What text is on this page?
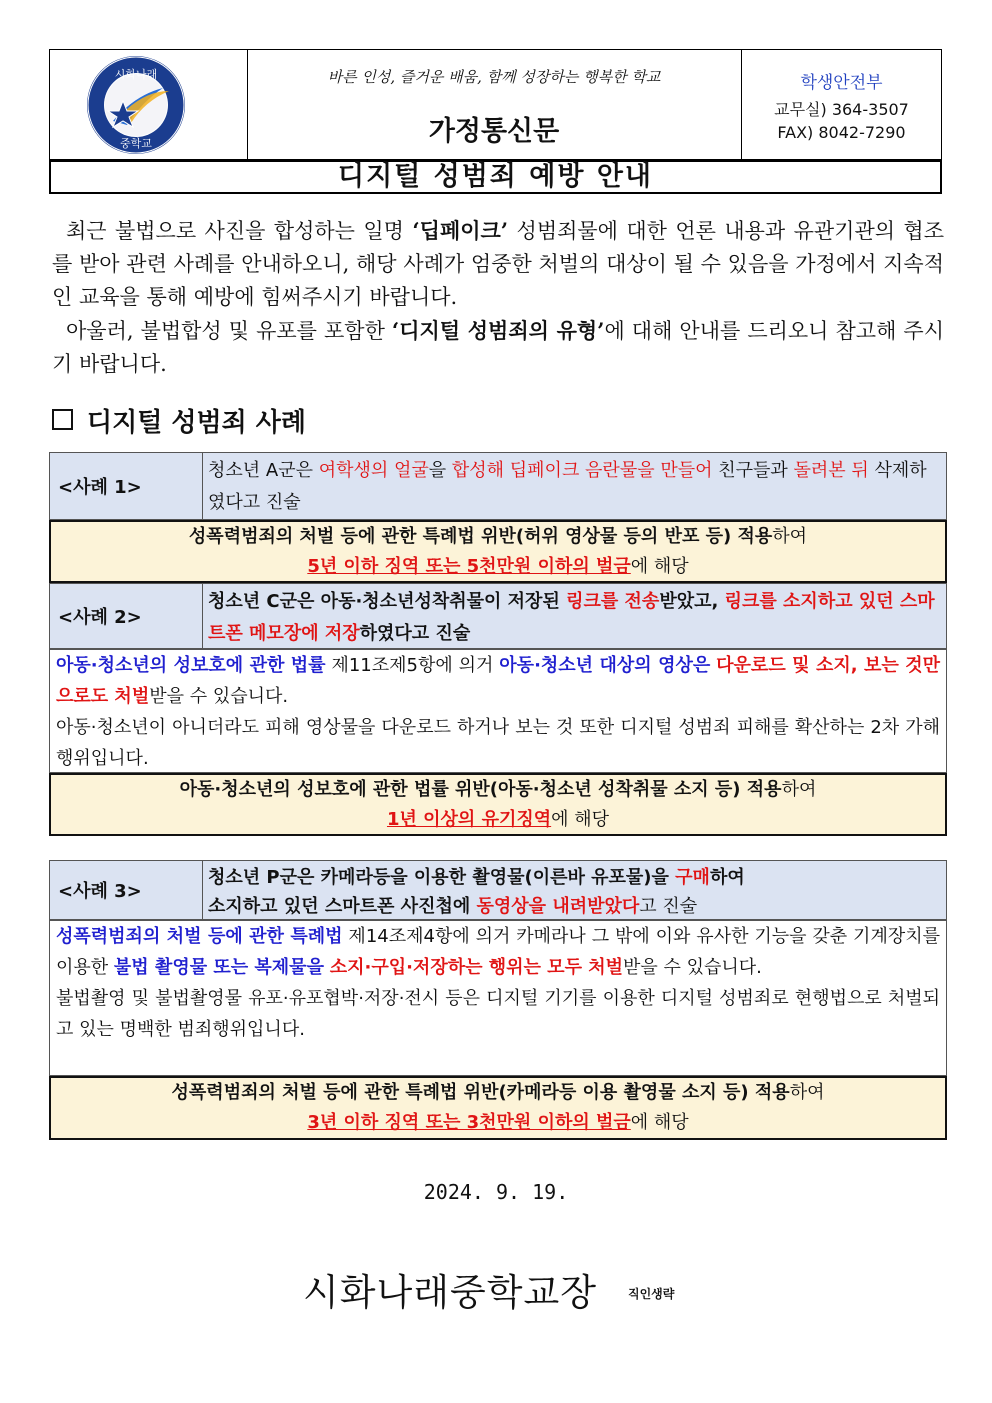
시화나래
중학교
바른 인성, 즐거운 배움, 함께 성장하는 행복한 학교
가정통신문
학생안전부
교무실) 364-3507
FAX) 8042-7290
디지털 성범죄 예방 안내

최근 불법으로 사진을 합성하는 일명 ‘딥페이크’ 성범죄물에 대한 언론 내용과 유관기관의 협조를 받아 관련 사례를 안내하오니, 해당 사례가 엄중한 처벌의 대상이 될 수 있음을 가정에서 지속적인 교육을 통해 예방에 힘써주시기 바랍니다.

아울러, 불법합성 및 유포를 포함한 ‘디지털 성범죄의 유형’에 대해 안내를 드리오니 참고해 주시기 바랍니다.

디지털 성범죄 사례
<사례 1>
청소년 A군은 여학생의 얼굴을 합성해 딥페이크 음란물을 만들어 친구들과 돌려본 뒤 삭제하였다고 진술
성폭력범죄의 처벌 등에 관한 특례법 위반(허위 영상물 등의 반포 등) 적용하여
5년 이하 징역 또는 5천만원 이하의 벌금에 해당
<사례 2>
청소년 C군은 아동·청소년성착취물이 저장된 링크를 전송받았고, 링크를 소지하고 있던 스마트폰 메모장에 저장하였다고 진술
아동·청소년의 성보호에 관한 법률 제11조제5항에 의거 아동·청소년 대상의 영상은 다운로드 및 소지, 보는 것만으로도 처벌받을 수 있습니다.
아동·청소년이 아니더라도 피해 영상물을 다운로드 하거나 보는 것 또한 디지털 성범죄 피해를 확산하는 2차 가해 행위입니다.
아동·청소년의 성보호에 관한 법률 위반(아동·청소년 성착취물 소지 등) 적용하여
1년 이상의 유기징역에 해당
<사례 3>
청소년 P군은 카메라등을 이용한 촬영물(이른바 유포물)을 구매하여
소지하고 있던 스마트폰 사진첩에 동영상을 내려받았다고 진술
성폭력범죄의 처벌 등에 관한 특례법 제14조제4항에 의거 카메라나 그 밖에 이와 유사한 기능을 갖춘 기계장치를 이용한 불법 촬영물 또는 복제물을 소지·구입·저장하는 행위는 모두 처벌받을 수 있습니다.
불법촬영 및 불법촬영물 유포·유포협박·저장·전시 등은 디지털 기기를 이용한 디지털 성범죄로 현행법으로 처벌되고 있는 명백한 범죄행위입니다.
성폭력범죄의 처벌 등에 관한 특례법 위반(카메라등 이용 촬영물 소지 등) 적용하여
3년 이하 징역 또는 3천만원 이하의 벌금에 해당
2024. 9. 19.
시화나래중학교장	직인생략
